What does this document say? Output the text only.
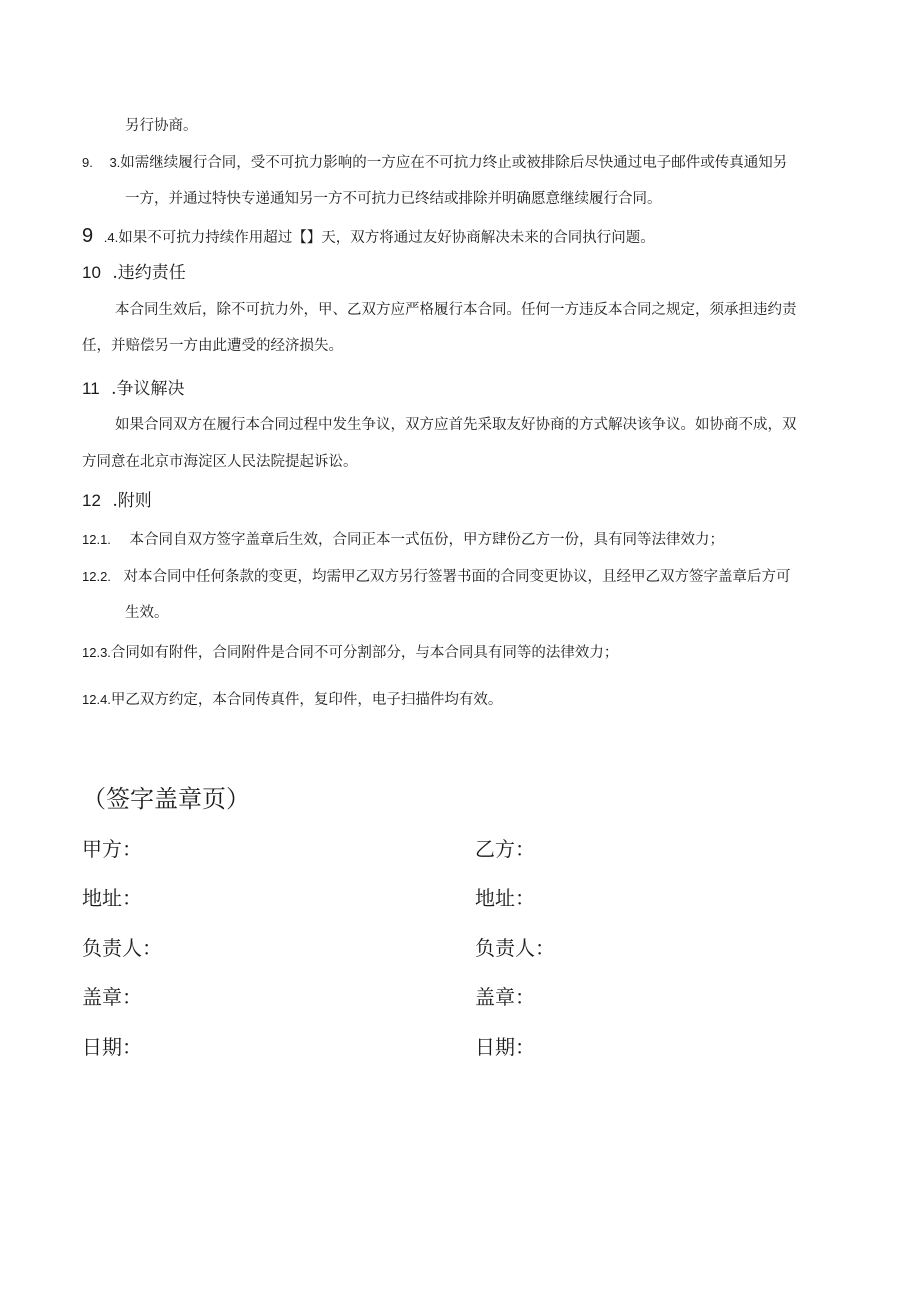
另行协商。
9. 3.如需继续履行合同，受不可抗力影响的一方应在不可抗力终止或被排除后尽快通过电子邮件或传真通知另
一方，并通过特快专递通知另一方不可抗力已终结或排除并明确愿意继续履行合同。
9 .4.如果不可抗力持续作用超过【】天，双方将通过友好协商解决未来的合同执行问题。
10 .违约责任
本合同生效后，除不可抗力外，甲、乙双方应严格履行本合同。任何一方违反本合同之规定，须承担违约责
任，并赔偿另一方由此遭受的经济损失。
11 .争议解决
如果合同双方在履行本合同过程中发生争议，双方应首先采取友好协商的方式解决该争议。如协商不成，双
方同意在北京市海淀区人民法院提起诉讼。
12 .附则
12.1. 本合同自双方签字盖章后生效，合同正本一式伍份，甲方肆份乙方一份，具有同等法律效力；
12.2. 对本合同中任何条款的变更，均需甲乙双方另行签署书面的合同变更协议，且经甲乙双方签字盖章后方可
生效。
12.3.合同如有附件，合同附件是合同不可分割部分，与本合同具有同等的法律效力；
12.4.甲乙双方约定，本合同传真件，复印件，电子扫描件均有效。
（签字盖章页）
甲方：
地址：
负责人：
盖章：
日期：
乙方：
地址：
负责人：
盖章：
日期：
